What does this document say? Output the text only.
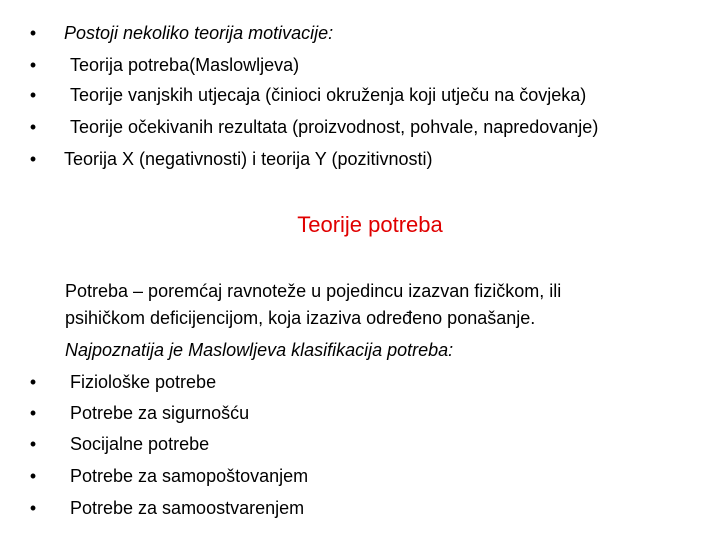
• Postoji nekoliko teorija motivacije:
• Teorija potreba(Maslowljeva)
• Teorije vanjskih utjecaja (činioci okruženja koji utječu na čovjeka)
• Teorije očekivanih rezultata (proizvodnost, pohvale, napredovanje)
• Teorija X (negativnosti) i teorija Y (pozitivnosti)
Teorije potreba
Potreba – poremćaj ravnoteže u pojedincu izazvan fizičkom, ili
psihičkom deficijencijom, koja izaziva određeno ponašanje.
Najpoznatija je Maslowljeva klasifikacija potreba:
• Fiziološke potrebe
• Potrebe za sigurnošću
• Socijalne potrebe
• Potrebe za samopoštovanjem
• Potrebe za samoostvarenjem
